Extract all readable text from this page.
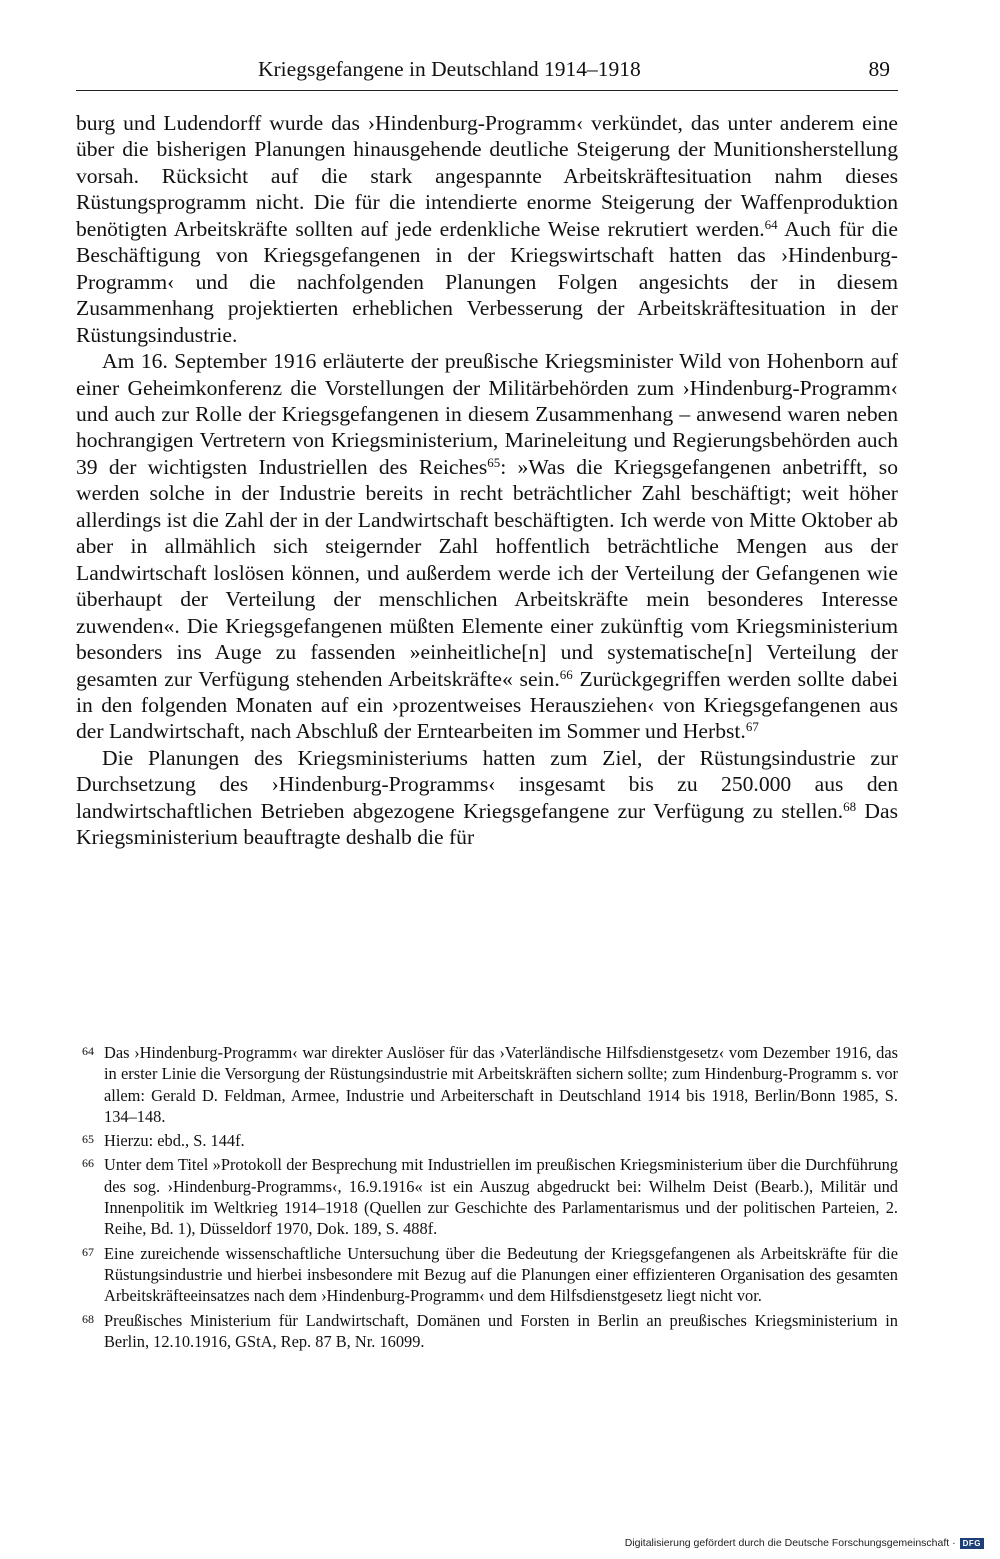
Kriegsgefangene in Deutschland 1914–1918	89

burg und Ludendorff wurde das ›Hindenburg-Programm‹ verkündet, das unter anderem eine über die bisherigen Planungen hinausgehende deutliche Steigerung der Munitionsherstellung vorsah. Rücksicht auf die stark angespannte Arbeitskräftesituation nahm dieses Rüstungsprogramm nicht. Die für die intendierte enorme Steigerung der Waffenproduktion benötigten Arbeitskräfte sollten auf jede erdenkliche Weise rekrutiert werden.$^{64}$ Auch für die Beschäftigung von Kriegsgefangenen in der Kriegswirtschaft hatten das ›Hindenburg-Programm‹ und die nachfolgenden Planungen Folgen angesichts der in diesem Zusammenhang projektierten erheblichen Verbesserung der Arbeitskräftesituation in der Rüstungsindustrie.

Am 16. September 1916 erläuterte der preußische Kriegsminister Wild von Hohenborn auf einer Geheimkonferenz die Vorstellungen der Militärbehörden zum ›Hindenburg-Programm‹ und auch zur Rolle der Kriegsgefangenen in diesem Zusammenhang – anwesend waren neben hochrangigen Vertretern von Kriegsministerium, Marineleitung und Regierungsbehörden auch 39 der wichtigsten Industriellen des Reiches$^{65}$: »Was die Kriegsgefangenen anbetrifft, so werden solche in der Industrie bereits in recht beträchtlicher Zahl beschäftigt; weit höher allerdings ist die Zahl der in der Landwirtschaft beschäftigten. Ich werde von Mitte Oktober ab aber in allmählich sich steigernder Zahl hoffentlich beträchtliche Mengen aus der Landwirtschaft loslösen können, und außerdem werde ich der Verteilung der Gefangenen wie überhaupt der Verteilung der menschlichen Arbeitskräfte mein besonderes Interesse zuwenden«. Die Kriegsgefangenen müßten Elemente einer zukünftig vom Kriegsministerium besonders ins Auge zu fassenden »einheitliche[n] und systematische[n] Verteilung der gesamten zur Verfügung stehenden Arbeitskräfte« sein.$^{66}$ Zurückgegriffen werden sollte dabei in den folgenden Monaten auf ein ›prozentweises Herausziehen‹ von Kriegsgefangenen aus der Landwirtschaft, nach Abschluß der Erntearbeiten im Sommer und Herbst.$^{67}$

Die Planungen des Kriegsministeriums hatten zum Ziel, der Rüstungsindustrie zur Durchsetzung des ›Hindenburg-Programms‹ insgesamt bis zu 250.000 aus den landwirtschaftlichen Betrieben abgezogene Kriegsgefangene zur Verfügung zu stellen.$^{68}$ Das Kriegsministerium beauftragte deshalb die für

64 Das ›Hindenburg-Programm‹ war direkter Auslöser für das ›Vaterländische Hilfsdienstgesetz‹ vom Dezember 1916, das in erster Linie die Versorgung der Rüstungsindustrie mit Arbeitskräften sichern sollte; zum Hindenburg-Programm s. vor allem: Gerald D. Feldman, Armee, Industrie und Arbeiterschaft in Deutschland 1914 bis 1918, Berlin/Bonn 1985, S. 134–148.
65 Hierzu: ebd., S. 144f.
66 Unter dem Titel »Protokoll der Besprechung mit Industriellen im preußischen Kriegsministerium über die Durchführung des sog. ›Hindenburg-Programms‹, 16.9.1916« ist ein Auszug abgedruckt bei: Wilhelm Deist (Bearb.), Militär und Innenpolitik im Weltkrieg 1914–1918 (Quellen zur Geschichte des Parlamentarismus und der politischen Parteien, 2. Reihe, Bd. 1), Düsseldorf 1970, Dok. 189, S. 488f.
67 Eine zureichende wissenschaftliche Untersuchung über die Bedeutung der Kriegsgefangenen als Arbeitskräfte für die Rüstungsindustrie und hierbei insbesondere mit Bezug auf die Planungen einer effizienteren Organisation des gesamten Arbeitskräfteeinsatzes nach dem ›Hindenburg-Programm‹ und dem Hilfsdienstgesetz liegt nicht vor.
68 Preußisches Ministerium für Landwirtschaft, Domänen und Forsten in Berlin an preußisches Kriegsministerium in Berlin, 12.10.1916, GStA, Rep. 87 B, Nr. 16099.
Digitalisierung gefördert durch die Deutsche Forschungsgemeinschaft · DFG
